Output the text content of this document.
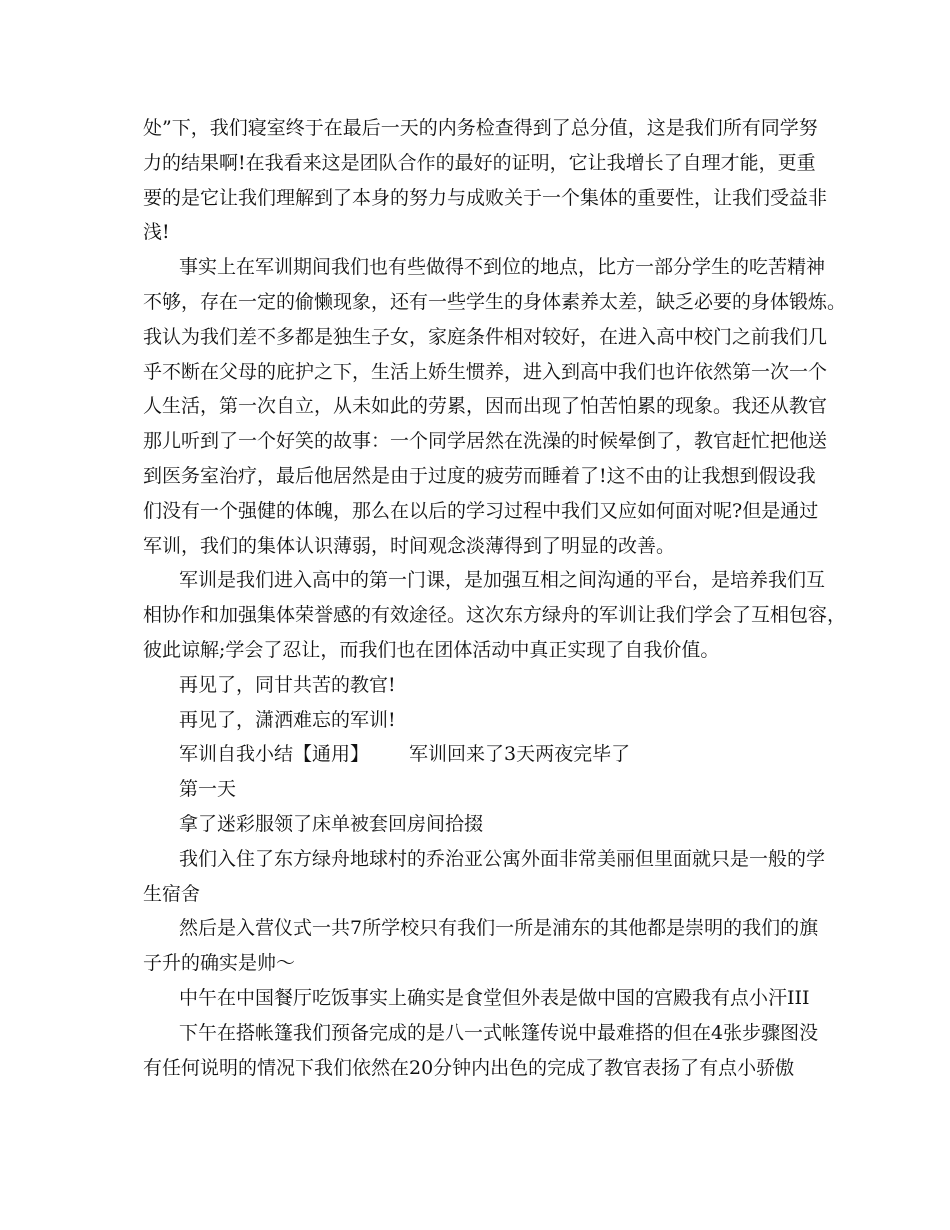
处”下，我们寝室终于在最后一天的内务检查得到了总分值，这是我们所有同学努
力的结果啊!在我看来这是团队合作的最好的证明，它让我增长了自理才能，更重
要的是它让我们理解到了本身的努力与成败关于一个集体的重要性，让我们受益非
浅!
事实上在军训期间我们也有些做得不到位的地点，比方一部分学生的吃苦精神
不够，存在一定的偷懒现象，还有一些学生的身体素养太差，缺乏必要的身体锻炼。
我认为我们差不多都是独生子女，家庭条件相对较好，在进入高中校门之前我们几
乎不断在父母的庇护之下，生活上娇生惯养，进入到高中我们也许依然第一次一个
人生活，第一次自立，从未如此的劳累，因而出现了怕苦怕累的现象。我还从教官
那儿听到了一个好笑的故事：一个同学居然在洗澡的时候晕倒了，教官赶忙把他送
到医务室治疗，最后他居然是由于过度的疲劳而睡着了!这不由的让我想到假设我
们没有一个强健的体魄，那么在以后的学习过程中我们又应如何面对呢?但是通过
军训，我们的集体认识薄弱，时间观念淡薄得到了明显的改善。
军训是我们进入高中的第一门课，是加强互相之间沟通的平台，是培养我们互
相协作和加强集体荣誉感的有效途径。这次东方绿舟的军训让我们学会了互相包容，
彼此谅解;学会了忍让，而我们也在团体活动中真正实现了自我价值。
再见了，同甘共苦的教官!
再见了，潇洒难忘的军训!
军训自我小结【通用】 军训回来了3天两夜完毕了
第一天
拿了迷彩服领了床单被套回房间拾掇
我们入住了东方绿舟地球村的乔治亚公寓外面非常美丽但里面就只是一般的学
生宿舍
然后是入营仪式一共7所学校只有我们一所是浦东的其他都是崇明的我们的旗
子升的确实是帅～
中午在中国餐厅吃饭事实上确实是食堂但外表是做中国的宫殿我有点小汗III
下午在搭帐篷我们预备完成的是八一式帐篷传说中最难搭的但在4张步骤图没
有任何说明的情况下我们依然在20分钟内出色的完成了教官表扬了有点小骄傲
